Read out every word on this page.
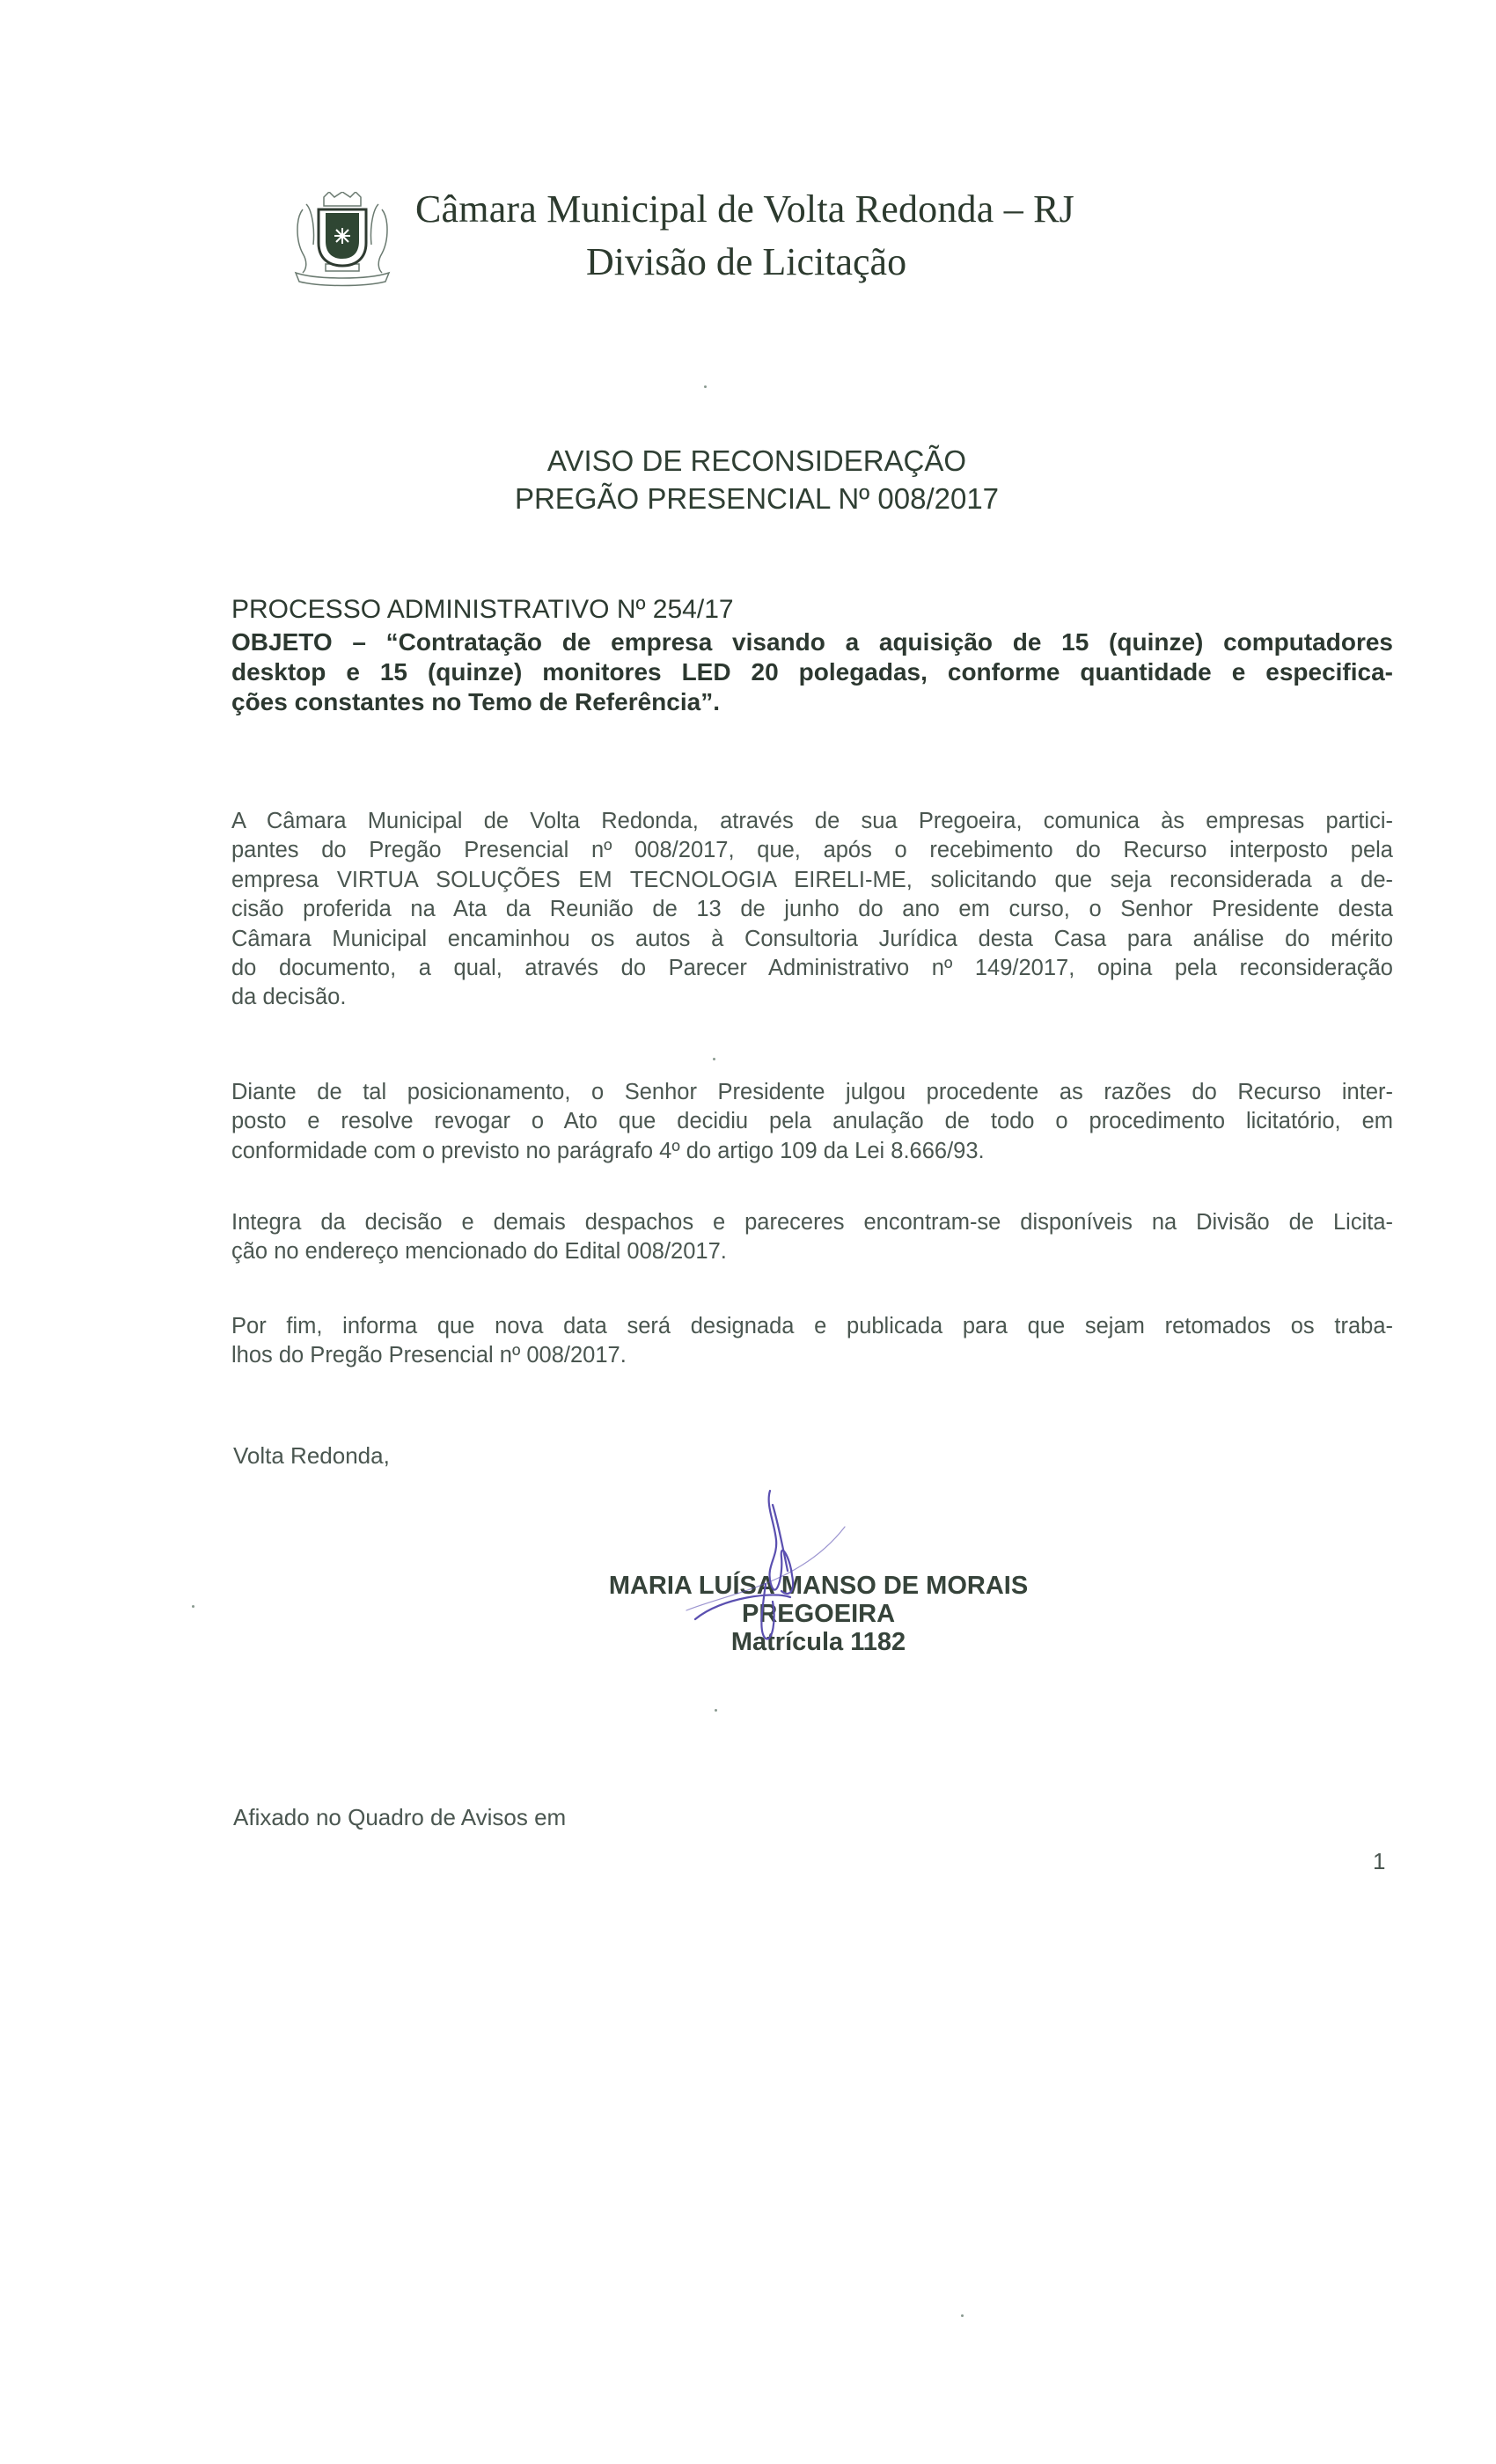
Câmara Municipal de Volta Redonda – RJ
Divisão de Licitação
AVISO DE RECONSIDERAÇÃO
PREGÃO PRESENCIAL Nº 008/2017
PROCESSO ADMINISTRATIVO Nº 254/17
OBJETO – “Contratação de empresa visando a aquisição de 15 (quinze) computadores
desktop e 15 (quinze) monitores LED 20 polegadas, conforme quantidade e especifica-
ções constantes no Temo de Referência”.
A Câmara Municipal de Volta Redonda, através de sua Pregoeira, comunica às empresas partici-
pantes do Pregão Presencial nº 008/2017, que, após o recebimento do Recurso interposto pela
empresa VIRTUA SOLUÇÕES EM TECNOLOGIA EIRELI-ME, solicitando que seja reconsiderada a de-
cisão proferida na Ata da Reunião de 13 de junho do ano em curso, o Senhor Presidente desta
Câmara Municipal encaminhou os autos à Consultoria Jurídica desta Casa para análise do mérito
do documento, a qual, através do Parecer Administrativo nº 149/2017, opina pela reconsideração
da decisão.
Diante de tal posicionamento, o Senhor Presidente julgou procedente as razões do Recurso inter-
posto e resolve revogar o Ato que decidiu pela anulação de todo o procedimento licitatório, em
conformidade com o previsto no parágrafo 4º do artigo 109 da Lei 8.666/93.
Integra da decisão e demais despachos e pareceres encontram-se disponíveis na Divisão de Licita-
ção no endereço mencionado do Edital 008/2017.
Por fim, informa que nova data será designada e publicada para que sejam retomados os traba-
lhos do Pregão Presencial nº 008/2017.
Volta Redonda,
MARIA LUÍSA MANSO DE MORAIS
PREGOEIRA
Matrícula 1182
Afixado no Quadro de Avisos em
1
